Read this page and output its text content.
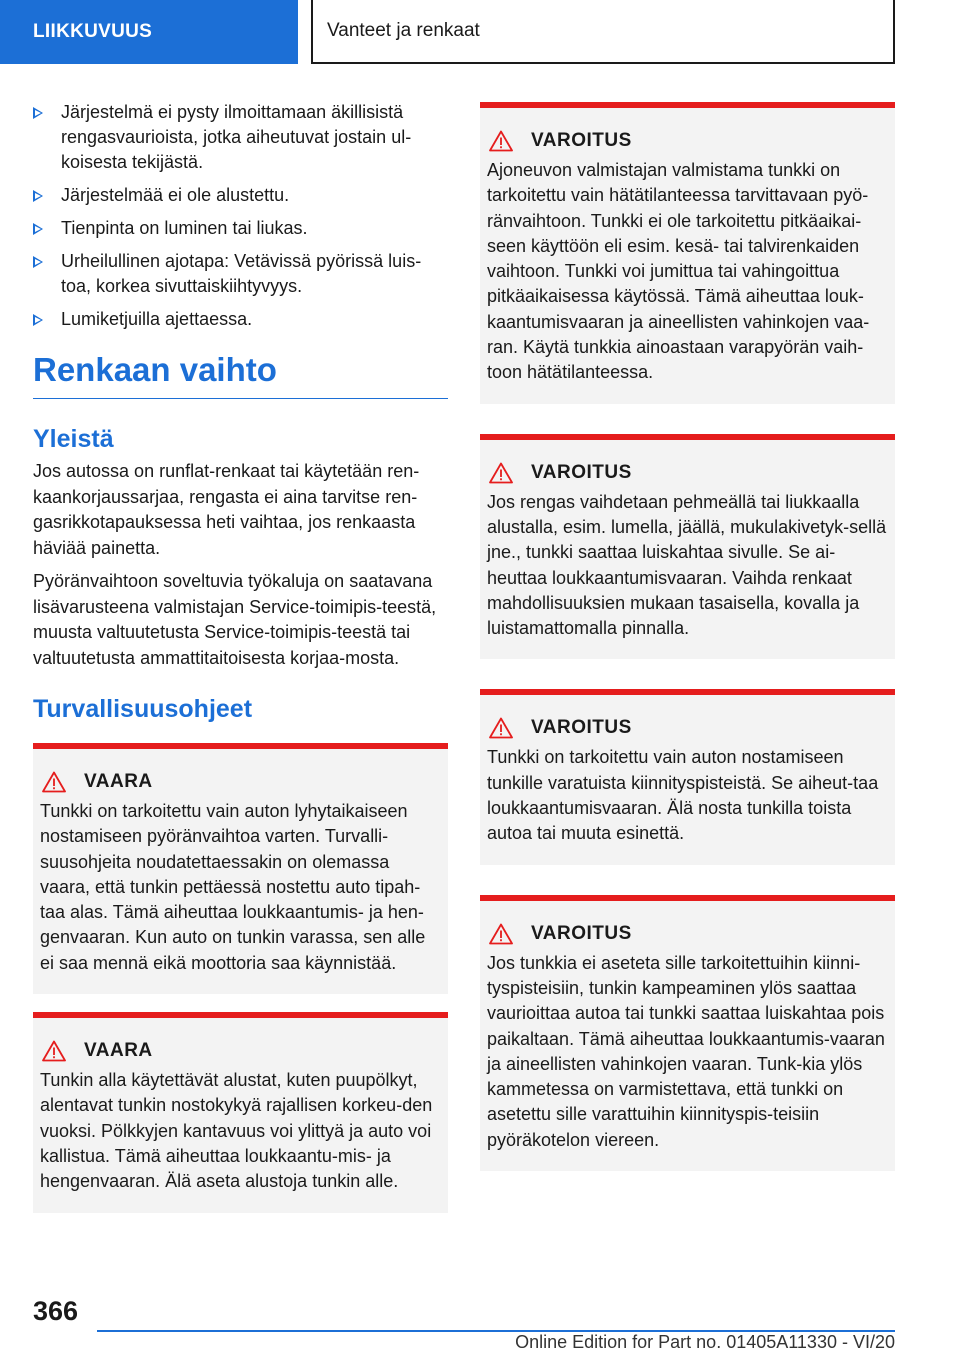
LIIKKUVUUS	Vanteet ja renkaat
Järjestelmä ei pysty ilmoittamaan äkillisistä rengasvaurioista, jotka aiheutuvat jostain ul-koisesta tekijästä.
Järjestelmää ei ole alustettu.
Tienpinta on luminen tai liukas.
Urheilullinen ajotapa: Vetävissä pyörissä luis-toa, korkea sivuttaiskiihtyvyys.
Lumiketjuilla ajettaessa.
Renkaan vaihto
Yleistä

Jos autossa on runflat-renkaat tai käytetään ren-kaankorjaussarjaa, rengasta ei aina tarvitse ren-gasrikkotapauksessa heti vaihtaa, jos renkaasta häviää painetta.

Pyöränvaihtoon soveltuvia työkaluja on saatavana lisävarusteena valmistajan Service-toimipis-teestä, muusta valtuutetusta Service-toimipis-teestä tai valtuutetusta ammattitaitoisesta korjaa-mosta.

Turvallisuusohjeet
VAARA

Tunkki on tarkoitettu vain auton lyhytaikaiseen nostamiseen pyöränvaihtoa varten. Turvalli-suusohjeita noudatettaessakin on olemassa vaara, että tunkin pettäessä nostettu auto tipah-taa alas. Tämä aiheuttaa loukkaantumis- ja hen-genvaaran. Kun auto on tunkin varassa, sen alle ei saa mennä eikä moottoria saa käynnistää.

VAARA

Tunkin alla käytettävät alustat, kuten puupölkyt, alentavat tunkin nostokykyä rajallisen korkeu-den vuoksi. Pölkkyjen kantavuus voi ylittyä ja auto voi kallistua. Tämä aiheuttaa loukkaantu-mis- ja hengenvaaran. Älä aseta alustoja tunkin alle.

VAROITUS

Ajoneuvon valmistajan valmistama tunkki on tarkoitettu vain hätätilanteessa tarvittavaan pyö-ränvaihtoon. Tunkki ei ole tarkoitettu pitkäaikai-seen käyttöön eli esim. kesä- tai talvirenkaiden vaihtoon. Tunkki voi jumittua tai vahingoittua pitkäaikaisessa käytössä. Tämä aiheuttaa louk-kaantumisvaaran ja aineellisten vahinkojen vaa-ran. Käytä tunkkia ainoastaan varapyörän vaih-toon hätätilanteessa.

VAROITUS

Jos rengas vaihdetaan pehmeällä tai liukkaalla alustalla, esim. lumella, jäällä, mukulakivetyk-sellä jne., tunkki saattaa luiskahtaa sivulle. Se ai-heuttaa loukkaantumisvaaran. Vaihda renkaat mahdollisuuksien mukaan tasaisella, kovalla ja luistamattomalla pinnalla.

VAROITUS

Tunkki on tarkoitettu vain auton nostamiseen tunkille varatuista kiinnityspisteistä. Se aiheut-taa loukkaantumisvaaran. Älä nosta tunkilla toista autoa tai muuta esinettä.

VAROITUS

Jos tunkkia ei aseteta sille tarkoitettuihin kiinni-tyspisteisiin, tunkin kampeaminen ylös saattaa vaurioittaa autoa tai tunkki saattaa luiskahtaa pois paikaltaan. Tämä aiheuttaa loukkaantumis-vaaran ja aineellisten vahinkojen vaaran. Tunk-kia ylös kammetessa on varmistettava, että tunkki on asetettu sille varattuihin kiinnityspis-teisiin pyöräkotelon viereen.

366
Online Edition for Part no. 01405A11330 - VI/20
